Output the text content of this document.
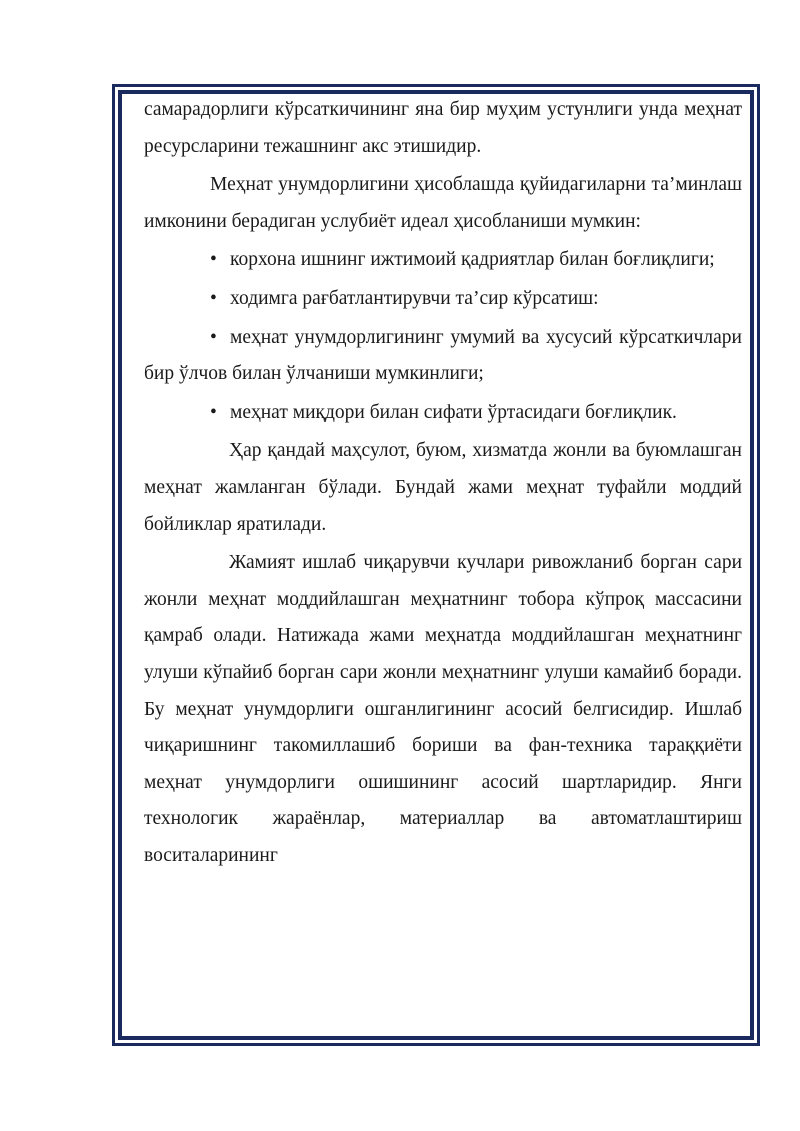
самарадорлиги кўрсаткичининг яна бир муҳим устунлиги унда меҳнат ресурсларини тежашнинг акс этишидир.

Меҳнат унумдорлигини ҳисоблашда қуйидагиларни та’минлаш имконини берадиган услубиёт идеал ҳисобланиши мумкин:

• корхона ишнинг ижтимоий қадриятлар билан боғлиқлиги;

• ходимга рағбатлантирувчи та’сир кўрсатиш:

• меҳнат унумдорлигининг умумий ва хусусий кўрсаткичлари бир ўлчов билан ўлчаниши мумкинлиги;

• меҳнат миқдори билан сифати ўртасидаги боғлиқлик.

Ҳар қандай маҳсулот, буюм, хизматда жонли ва буюмлашган меҳнат жамланган бўлади. Бундай жами меҳнат туфайли моддий бойликлар яратилади.

Жамият ишлаб чиқарувчи кучлари ривожланиб борган сари жонли меҳнат моддийлашган меҳнатнинг тобора кўпроқ массасини қамраб олади. Натижада жами меҳнатда моддийлашган меҳнатнинг улуши кўпайиб борган сари жонли меҳнатнинг улуши камайиб боради. Бу меҳнат унумдорлиги ошганлигининг асосий белгисидир. Ишлаб чиқаришнинг такомиллашиб бориши ва фан-техника тараққиёти меҳнат унумдорлиги ошишининг асосий шартларидир. Янги технологик жараёнлар, материаллар ва автоматлаштириш воситаларининг
